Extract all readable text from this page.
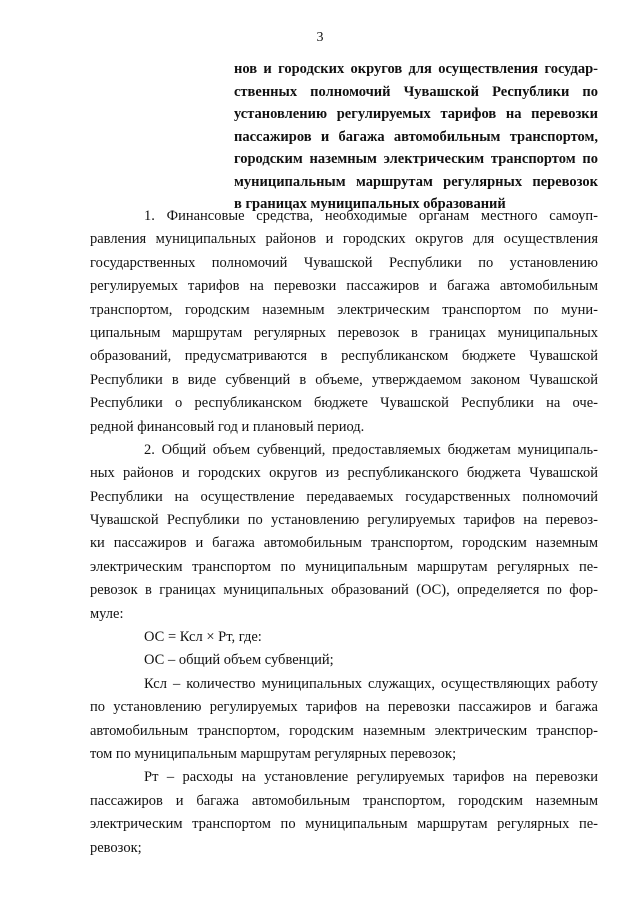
3
нов и городских округов для осуществления государ-
ственных полномочий Чувашской Республики по
установлению регулируемых тарифов на перевозки
пассажиров и багажа автомобильным транспортом,
городским наземным электрическим транспортом по
муниципальным маршрутам регулярных перевозок
в границах муниципальных образований
1. Финансовые средства, необходимые органам местного самоуп-
равления муниципальных районов и городских округов для осуществления
государственных полномочий Чувашской Республики по установлению
регулируемых тарифов на перевозки пассажиров и багажа автомобильным
транспортом, городским наземным электрическим транспортом по муни-
ципальным маршрутам регулярных перевозок в границах муниципальных
образований, предусматриваются в республиканском бюджете Чувашской
Республики в виде субвенций в объеме, утверждаемом законом Чувашской
Республики о республиканском бюджете Чувашской Республики на оче-
редной финансовый год и плановый период.
2. Общий объем субвенций, предоставляемых бюджетам муниципаль-
ных районов и городских округов из республиканского бюджета Чувашской
Республики на осуществление передаваемых государственных полномочий
Чувашской Республики по установлению регулируемых тарифов на перевоз-
ки пассажиров и багажа автомобильным транспортом, городским наземным
электрическим транспортом по муниципальным маршрутам регулярных пе-
ревозок в границах муниципальных образований (ОС), определяется по фор-
муле:
ОС = Ксл × Рт, где:
ОС – общий объем субвенций;
Ксл – количество муниципальных служащих, осуществляющих работу
по установлению регулируемых тарифов на перевозки пассажиров и багажа
автомобильным транспортом, городским наземным электрическим транспор-
том по муниципальным маршрутам регулярных перевозок;
Рт – расходы на установление регулируемых тарифов на перевозки
пассажиров и багажа автомобильным транспортом, городским наземным
электрическим транспортом по муниципальным маршрутам регулярных пе-
ревозок;
